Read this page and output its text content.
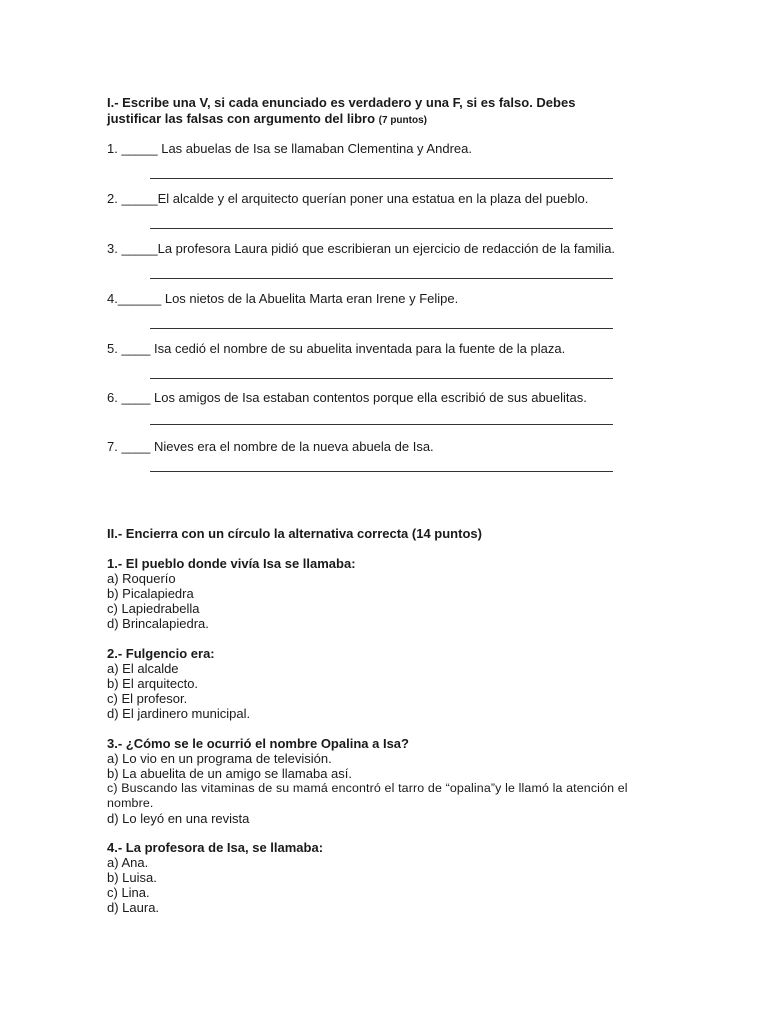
I.- Escribe una V, si cada enunciado es verdadero y una F, si es falso. Debes
justificar las falsas con argumento del libro (7 puntos)
1. _____ Las abuelas de Isa se llamaban Clementina y Andrea.
2. _____El alcalde y el arquitecto querían poner una estatua en la plaza del pueblo.
3. _____La profesora Laura pidió que escribieran un ejercicio de redacción de la familia.
4.______ Los nietos de la Abuelita Marta eran Irene y Felipe.
5. ____ Isa cedió el nombre de su abuelita inventada para la fuente de la plaza.
6. ____ Los amigos de Isa estaban contentos porque ella escribió de sus abuelitas.
7. ____ Nieves era el nombre de la nueva abuela de Isa.
II.- Encierra con un círculo la alternativa correcta (14 puntos)
1.- El pueblo donde vivía Isa se llamaba:
a) Roquerío
b) Picalapiedra
c) Lapiedrabella
d) Brincalapiedra.
2.- Fulgencio era:
a) El alcalde
b) El arquitecto.
c) El profesor.
d) El jardinero municipal.
3.- ¿Cómo se le ocurrió el nombre Opalina a Isa?
a) Lo vio en un programa de televisión.
b) La abuelita de un amigo se llamaba así.
c) Buscando las vitaminas de su mamá encontró el tarro de “opalina”y le llamó la atención el nombre.
d) Lo leyó en una revista
4.- La profesora de Isa, se llamaba:
a) Ana.
b) Luisa.
c) Lina.
d) Laura.
